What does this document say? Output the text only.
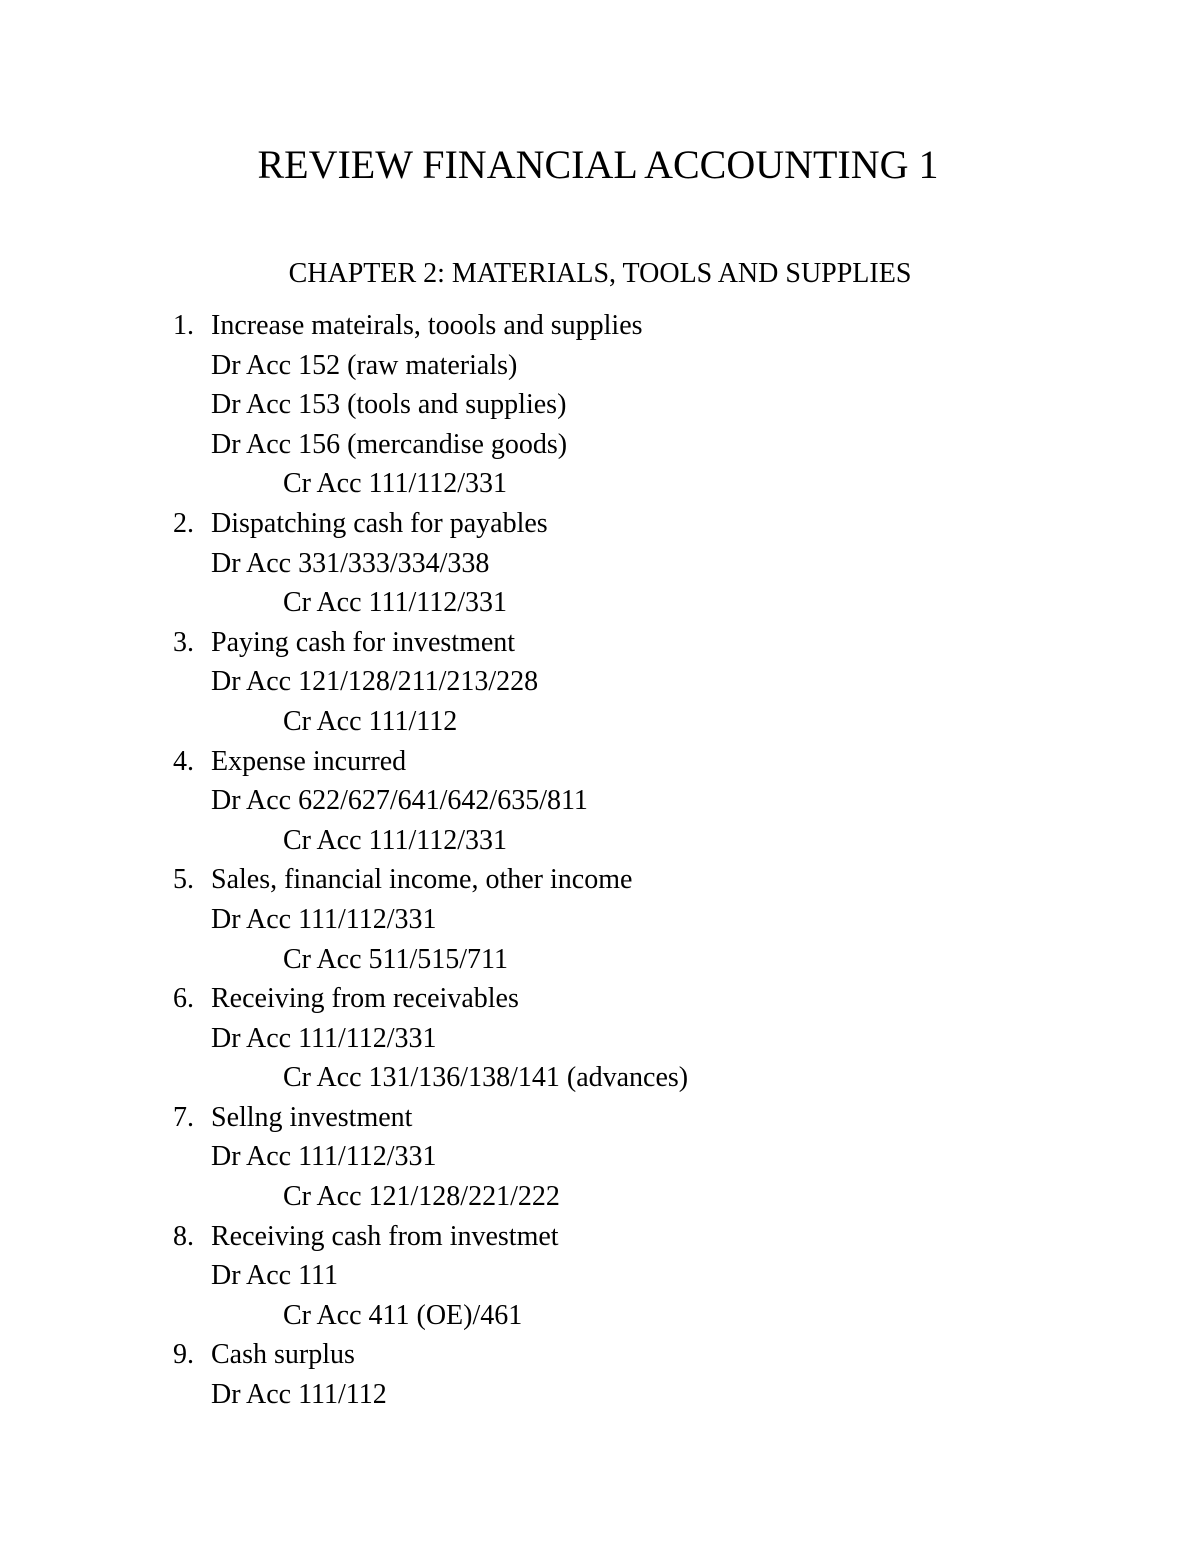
REVIEW FINANCIAL ACCOUNTING 1
CHAPTER 2: MATERIALS, TOOLS AND SUPPLIES
1. Increase mateirals, toools and supplies
Dr Acc 152 (raw materials)
Dr Acc 153 (tools and supplies)
Dr Acc 156 (mercandise goods)
Cr Acc 111/112/331
2. Dispatching cash for payables
Dr Acc 331/333/334/338
Cr Acc 111/112/331
3. Paying cash for investment
Dr Acc 121/128/211/213/228
Cr Acc 111/112
4. Expense incurred
Dr Acc 622/627/641/642/635/811
Cr Acc 111/112/331
5. Sales, financial income, other income
Dr Acc 111/112/331
Cr Acc 511/515/711
6. Receiving from receivables
Dr Acc 111/112/331
Cr Acc 131/136/138/141 (advances)
7. Sellng investment
Dr Acc 111/112/331
Cr Acc 121/128/221/222
8. Receiving cash from investmet
Dr Acc 111
Cr Acc 411 (OE)/461
9. Cash surplus
Dr Acc 111/112
